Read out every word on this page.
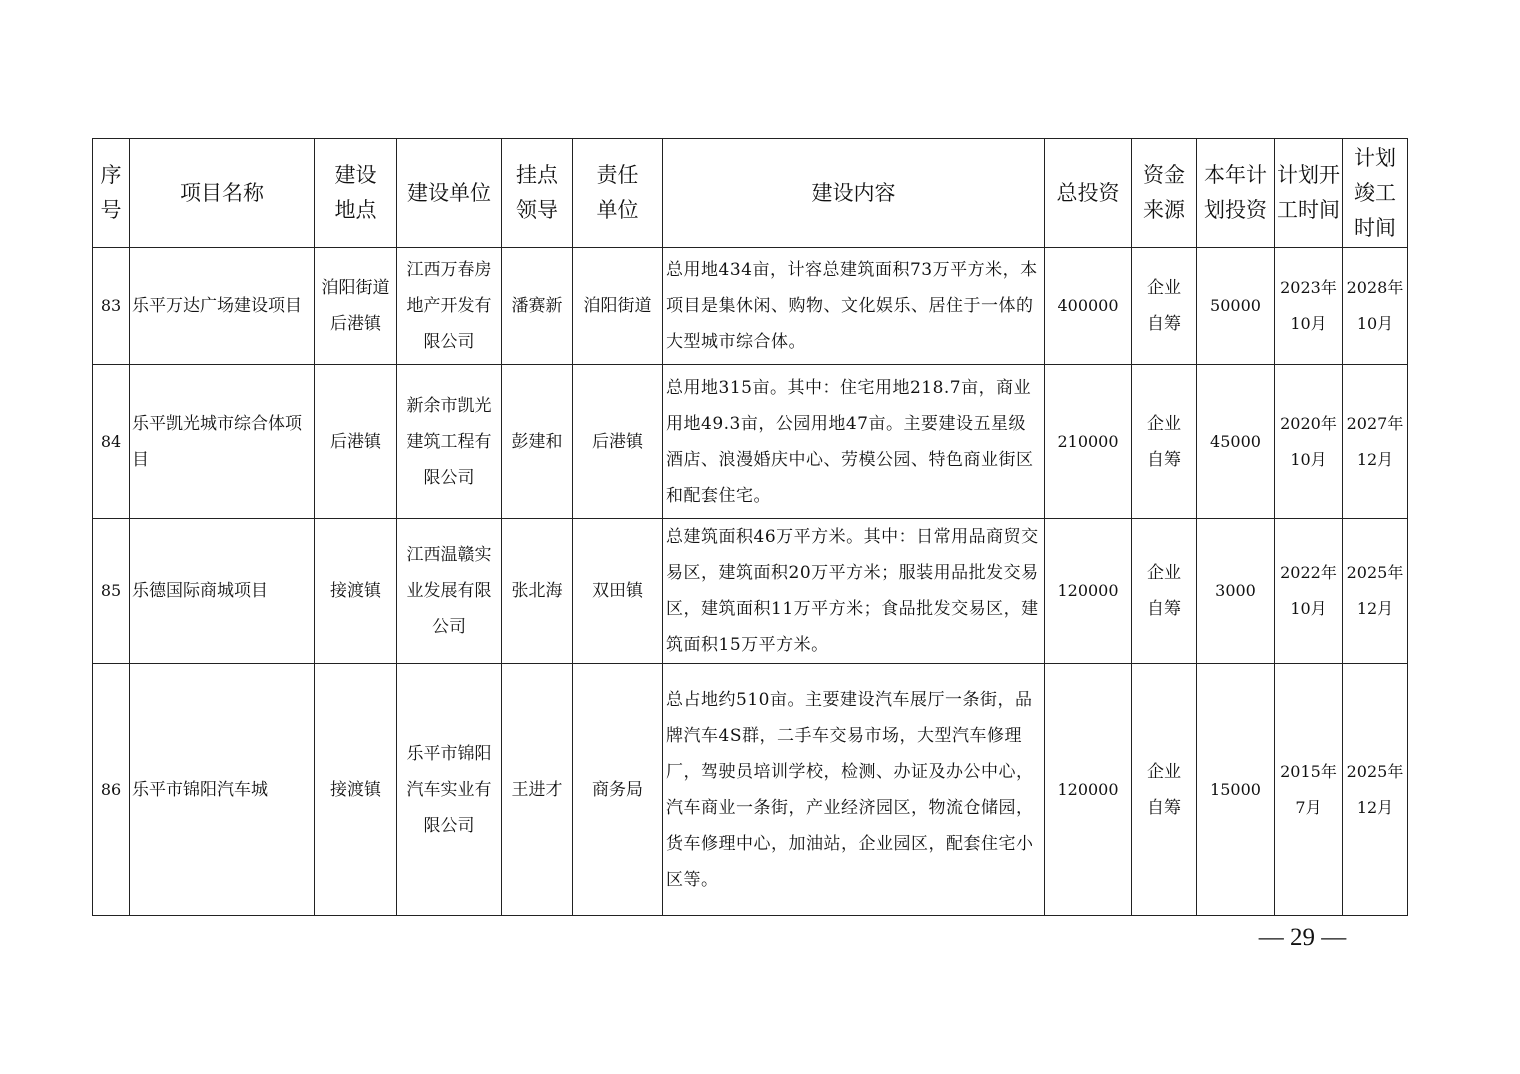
序号	项目名称	建设地点	建设单位	挂点领导	责任单位	建设内容	总投资	资金来源	本年计划投资	计划开工时间	计划竣工时间

83	乐平万达广场建设项目	洎阳街道后港镇	江西万春房地产开发有限公司	潘赛新	洎阳街道	总用地434亩，计容总建筑面积73万平方米，本项目是集休闲、购物、文化娱乐、居住于一体的大型城市综合体。	400000	企业自筹	50000	2023年10月	2028年10月

84	乐平凯光城市综合体项目	后港镇	新余市凯光建筑工程有限公司	彭建和	后港镇	总用地315亩。其中：住宅用地218.7亩，商业用地49.3亩，公园用地47亩。主要建设五星级酒店、浪漫婚庆中心、劳模公园、特色商业街区和配套住宅。	210000	企业自筹	45000	2020年10月	2027年12月

85	乐德国际商城项目	接渡镇	江西温赣实业发展有限公司	张北海	双田镇	总建筑面积46万平方米。其中：日常用品商贸交易区，建筑面积20万平方米；服装用品批发交易区，建筑面积11万平方米；食品批发交易区，建筑面积15万平方米。	120000	企业自筹	3000	2022年10月	2025年12月

86	乐平市锦阳汽车城	接渡镇	乐平市锦阳汽车实业有限公司	王进才	商务局	总占地约510亩。主要建设汽车展厅一条街，品牌汽车4S群，二手车交易市场，大型汽车修理厂，驾驶员培训学校，检测、办证及办公中心，汽车商业一条街，产业经济园区，物流仓储园，货车修理中心，加油站，企业园区，配套住宅小区等。	120000	企业自筹	15000	2015年7月	2025年12月
— 29 —
